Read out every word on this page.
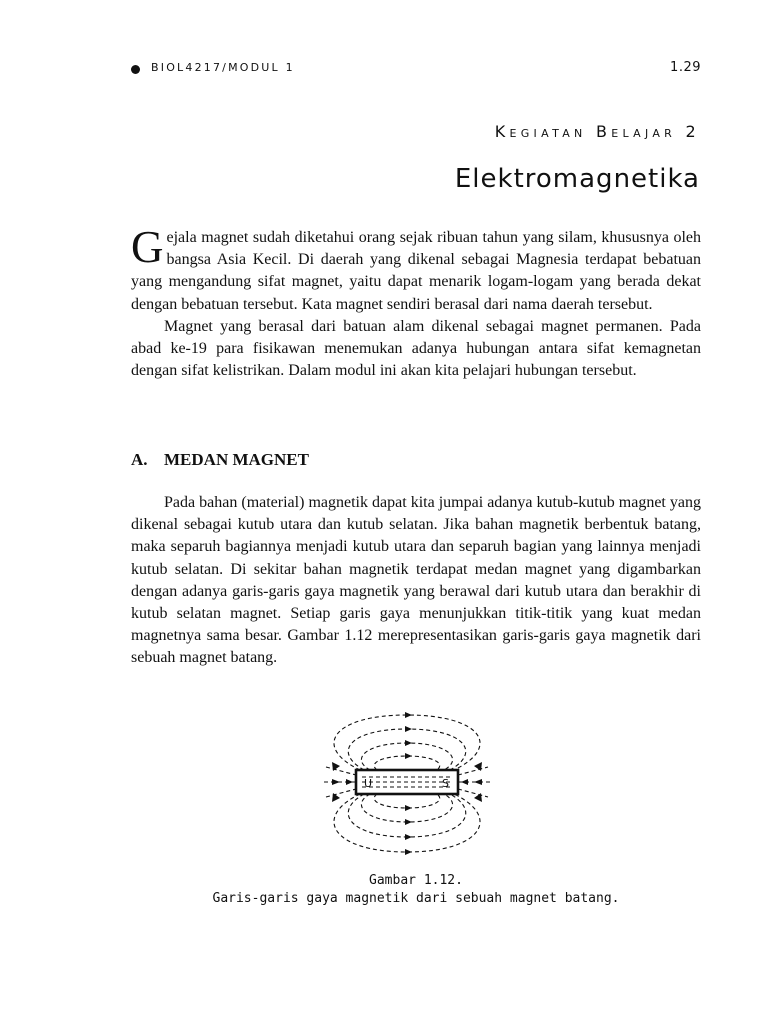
BIOL4217/MODUL 1	1.29
Kegiatan Belajar 2
Elektromagnetika

Gejala magnet sudah diketahui orang sejak ribuan tahun yang silam, khususnya oleh bangsa Asia Kecil. Di daerah yang dikenal sebagai Magnesia terdapat bebatuan yang mengandung sifat magnet, yaitu dapat menarik logam-logam yang berada dekat dengan bebatuan tersebut. Kata magnet sendiri berasal dari nama daerah tersebut.

Magnet yang berasal dari batuan alam dikenal sebagai magnet permanen. Pada abad ke-19 para fisikawan menemukan adanya hubungan antara sifat kemagnetan dengan sifat kelistrikan. Dalam modul ini akan kita pelajari hubungan tersebut.

A. MEDAN MAGNET

Pada bahan (material) magnetik dapat kita jumpai adanya kutub-kutub magnet yang dikenal sebagai kutub utara dan kutub selatan. Jika bahan magnetik berbentuk batang, maka separuh bagiannya menjadi kutub utara dan separuh bagian yang lainnya menjadi kutub selatan. Di sekitar bahan magnetik terdapat medan magnet yang digambarkan dengan adanya garis-garis gaya magnetik yang berawal dari kutub utara dan berakhir di kutub selatan magnet. Setiap garis gaya menunjukkan titik-titik yang kuat medan magnetnya sama besar. Gambar 1.12 merepresentasikan garis-garis gaya magnetik dari sebuah magnet batang.

U	S
Gambar 1.12.
Garis-garis gaya magnetik dari sebuah magnet batang.
